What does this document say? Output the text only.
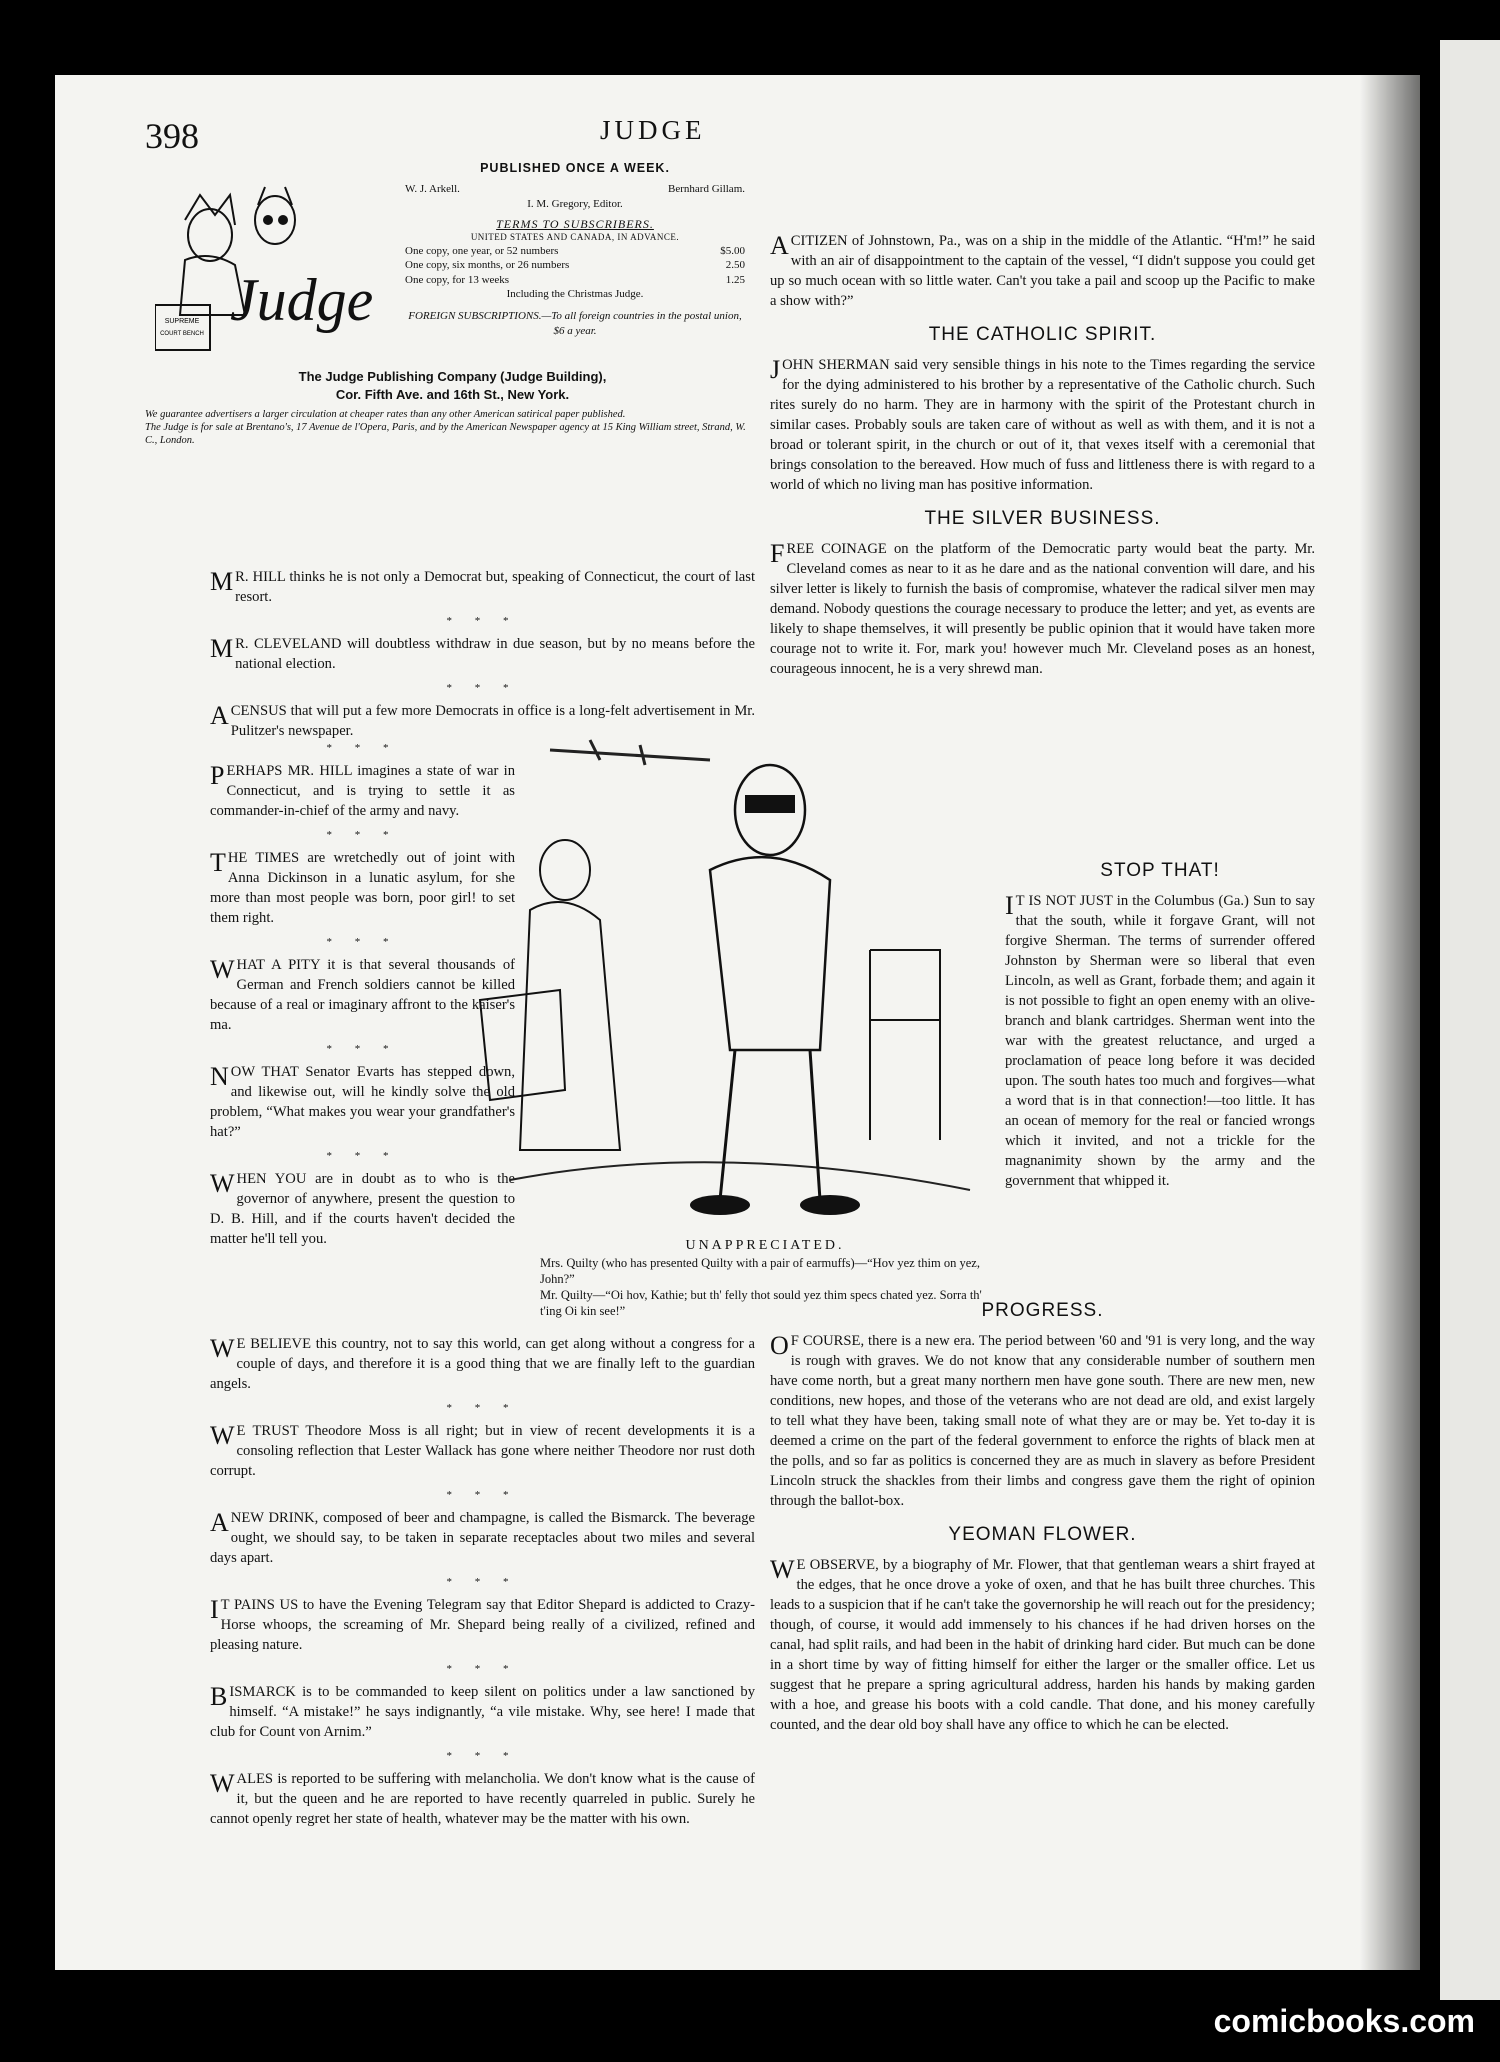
398	JUDGE
SUPREME
COURT BENCH
Judge
PUBLISHED ONCE A WEEK.
W. J. Arkell.	Bernhard Gillam.
I. M. Gregory, Editor.
TERMS TO SUBSCRIBERS.
UNITED STATES AND CANADA, IN ADVANCE.
One copy, one year, or 52 numbers	$5.00
One copy, six months, or 26 numbers	2.50
One copy, for 13 weeks	1.25
Including the Christmas Judge.
FOREIGN SUBSCRIPTIONS.—To all foreign countries in the postal union, $6 a year.
The Judge Publishing Company (Judge Building),
Cor. Fifth Ave. and 16th St., New York.
We guarantee advertisers a larger circulation at cheaper rates than any other American satirical paper published.
The Judge is for sale at Brentano's, 17 Avenue de l'Opera, Paris, and by the American Newspaper agency at 15 King William street, Strand, W. C., London.

M R. HILL thinks he is not only a Democrat but, speaking of Connecticut, the court of last resort.

* * *

M R. CLEVELAND will doubtless withdraw in due season, but by no means before the national election.

* * *

A CENSUS that will put a few more Democrats in office is a long-felt advertisement in Mr. Pulitzer's newspaper.

* * *

PERHAPS MR. HILL imagines a state of war in Connecticut, and is trying to settle it as commander-in-chief of the army and navy.

* * *

THE TIMES are wretchedly out of joint with Anna Dickinson in a lunatic asylum, for she more than most people was born, poor girl! to set them right.

* * *

WHAT A PITY it is that several thousands of German and French soldiers cannot be killed because of a real or imaginary affront to the kaiser's ma.

* * *

NOW THAT Senator Evarts has stepped down, and likewise out, will he kindly solve the old problem, “What makes you wear your grandfather's hat?”

* * *

WHEN YOU are in doubt as to who is the governor of anywhere, present the question to D. B. Hill, and if the courts haven't decided the matter he'll tell you.

W E BELIEVE this country, not to say this world, can get along without a congress for a couple of days, and therefore it is a good thing that we are finally left to the guardian angels.

* * *

W E TRUST Theodore Moss is all right; but in view of recent developments it is a consoling reflection that Lester Wallack has gone where neither Theodore nor rust doth corrupt.

* * *

A NEW DRINK, composed of beer and champagne, is called the Bismarck. The beverage ought, we should say, to be taken in separate receptacles about two miles and several days apart.

* * *

I T PAINS US to have the Evening Telegram say that Editor Shepard is addicted to Crazy-Horse whoops, the screaming of Mr. Shepard being really of a civilized, refined and pleasing nature.

* * *

BISMARCK is to be commanded to keep silent on politics under a law sanctioned by himself. “A mistake!” he says indignantly, “a vile mistake. Why, see here! I made that club for Count von Arnim.”

* * *

WALES is reported to be suffering with melancholia. We don't know what is the cause of it, but the queen and he are reported to have recently quarreled in public. Surely he cannot openly regret her state of health, whatever may be the matter with his own.

UNAPPRECIATED.
Mrs. Quilty (who has presented Quilty with a pair of earmuffs)—“Hov yez thim on yez, John?”
Mr. Quilty—“Oi hov, Kathie; but th' felly thot sould yez thim specs chated yez. Sorra th' t'ing Oi kin see!”

A CITIZEN of Johnstown, Pa., was on a ship in the middle of the Atlantic. “H'm!” he said with an air of disappointment to the captain of the vessel, “I didn't suppose you could get up so much ocean with so little water. Can't you take a pail and scoop up the Pacific to make a show with?”

THE CATHOLIC SPIRIT.

JOHN SHERMAN said very sensible things in his note to the Times regarding the service for the dying administered to his brother by a representative of the Catholic church. Such rites surely do no harm. They are in harmony with the spirit of the Protestant church in similar cases. Probably souls are taken care of without as well as with them, and it is not a broad or tolerant spirit, in the church or out of it, that vexes itself with a ceremonial that brings consolation to the bereaved. How much of fuss and littleness there is with regard to a world of which no living man has positive information.

THE SILVER BUSINESS.

FREE COINAGE on the platform of the Democratic party would beat the party. Mr. Cleveland comes as near to it as he dare and as the national convention will dare, and his silver letter is likely to furnish the basis of compromise, whatever the radical silver men may demand. Nobody questions the courage necessary to produce the letter; and yet, as events are likely to shape themselves, it will presently be public opinion that it would have taken more courage not to write it. For, mark you! however much Mr. Cleveland poses as an honest, courageous innocent, he is a very shrewd man.

STOP THAT!

I T IS NOT JUST in the Columbus (Ga.) Sun to say that the south, while it forgave Grant, will not forgive Sherman. The terms of surrender offered Johnston by Sherman were so liberal that even Lincoln, as well as Grant, forbade them; and again it is not possible to fight an open enemy with an olive-branch and blank cartridges. Sherman went into the war with the greatest reluctance, and urged a proclamation of peace long before it was decided upon. The south hates too much and forgives—what a word that is in that connection!—too little. It has an ocean of memory for the real or fancied wrongs which it invited, and not a trickle for the magnanimity shown by the army and the government that whipped it.

PROGRESS.

O F COURSE, there is a new era. The period between '60 and '91 is very long, and the way is rough with graves. We do not know that any considerable number of southern men have come north, but a great many northern men have gone south. There are new men, new conditions, new hopes, and those of the veterans who are not dead are old, and exist largely to tell what they have been, taking small note of what they are or may be. Yet to-day it is deemed a crime on the part of the federal government to enforce the rights of black men at the polls, and so far as politics is concerned they are as much in slavery as before President Lincoln struck the shackles from their limbs and congress gave them the right of opinion through the ballot-box.

YEOMAN FLOWER.

W E OBSERVE, by a biography of Mr. Flower, that that gentleman wears a shirt frayed at the edges, that he once drove a yoke of oxen, and that he has built three churches. This leads to a suspicion that if he can't take the governorship he will reach out for the presidency; though, of course, it would add immensely to his chances if he had driven horses on the canal, had split rails, and had been in the habit of drinking hard cider. But much can be done in a short time by way of fitting himself for either the larger or the smaller office. Let us suggest that he prepare a spring agricultural address, harden his hands by making garden with a hoe, and grease his boots with a cold candle. That done, and his money carefully counted, and the dear old boy shall have any office to which he can be elected.

comicbooks.com
